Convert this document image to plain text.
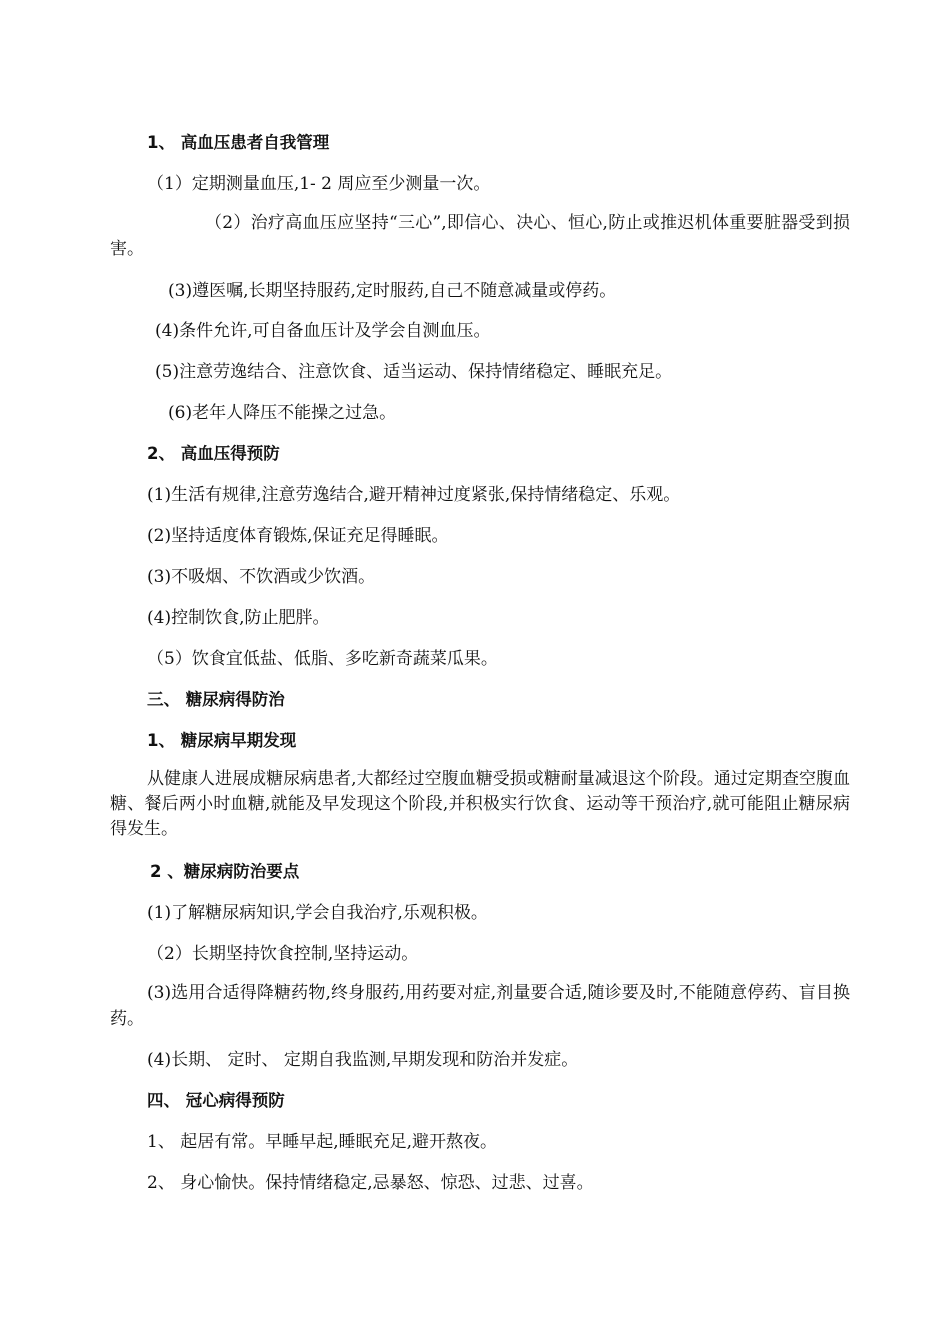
1、 高血压患者自我管理
（1）定期测量血压,1- 2 周应至少测量一次。
（2）治疗高血压应坚持“三心”,即信心、决心、恒心,防止或推迟机体重要脏器受到损害。
(3)遵医嘱,长期坚持服药,定时服药,自己不随意减量或停药。
(4)条件允许,可自备血压计及学会自测血压。
(5)注意劳逸结合、注意饮食、适当运动、保持情绪稳定、睡眠充足。
(6)老年人降压不能操之过急。
2、 高血压得预防
(1)生活有规律,注意劳逸结合,避开精神过度紧张,保持情绪稳定、乐观。
(2)坚持适度体育锻炼,保证充足得睡眠。
(3)不吸烟、不饮酒或少饮酒。
(4)控制饮食,防止肥胖。
（5）饮食宜低盐、低脂、多吃新奇蔬菜瓜果。
三、 糖尿病得防治
1、 糖尿病早期发现
从健康人进展成糖尿病患者,大都经过空腹血糖受损或糖耐量减退这个阶段。通过定期查空腹血糖、餐后两小时血糖,就能及早发现这个阶段,并积极实行饮食、运动等干预治疗,就可能阻止糖尿病得发生。
2 、糖尿病防治要点
(1)了解糖尿病知识,学会自我治疗,乐观积极。
（2）长期坚持饮食控制,坚持运动。
(3)选用合适得降糖药物,终身服药,用药要对症,剂量要合适,随诊要及时,不能随意停药、盲目换药。
(4)长期、 定时、 定期自我监测,早期发现和防治并发症。
四、 冠心病得预防
1、 起居有常。早睡早起,睡眠充足,避开熬夜。
2、 身心愉快。保持情绪稳定,忌暴怒、惊恐、过悲、过喜。
